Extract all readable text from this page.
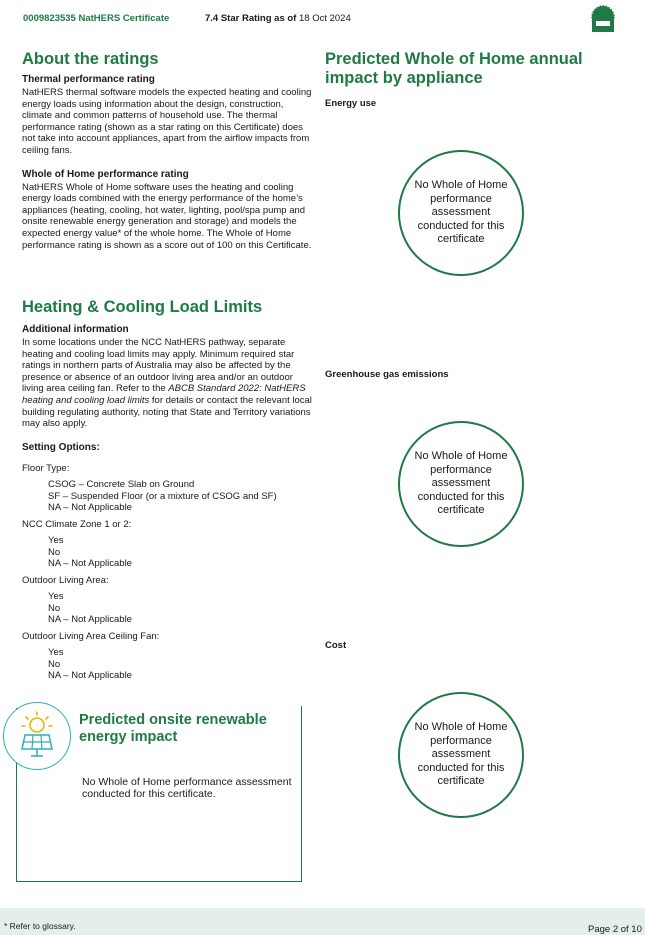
0009823535 NatHERS Certificate	7.4 Star Rating as of 18 Oct 2024
About the ratings
Thermal performance rating

NatHERS thermal software models the expected heating and cooling energy loads using information about the design, construction, climate and common patterns of household use. The thermal performance rating (shown as a star rating on this Certificate) does not take into account appliances, apart from the airflow impacts from ceiling fans.

Whole of Home performance rating

NatHERS Whole of Home software uses the heating and cooling energy loads combined with the energy performance of the home’s appliances (heating, cooling, hot water, lighting, pool/spa pump and onsite renewable energy generation and storage) and models the expected energy value* of the whole home. The Whole of Home performance rating is shown as a score out of 100 on this Certificate.

Heating & Cooling Load Limits
Additional information

In some locations under the NCC NatHERS pathway, separate heating and cooling load limits may apply. Minimum required star ratings in northern parts of Australia may also be affected by the presence or absence of an outdoor living area and/or an outdoor living area ceiling fan. Refer to the ABCB Standard 2022: NatHERS heating and cooling load limits for details or contact the relevant local building regulating authority, noting that State and Territory variations may also apply.

Setting Options:
Floor Type:
CSOG – Concrete Slab on Ground
SF – Suspended Floor (or a mixture of CSOG and SF)
NA – Not Applicable
NCC Climate Zone 1 or 2:
Yes
No
NA – Not Applicable
Outdoor Living Area:
Yes
No
NA – Not Applicable
Outdoor Living Area Ceiling Fan:
Yes
No
NA – Not Applicable
Predicted Whole of Home annual impact by appliance
Energy use
No Whole of Home performance assessment conducted for this certificate
Greenhouse gas emissions
No Whole of Home performance assessment conducted for this certificate
Cost
No Whole of Home performance assessment conducted for this certificate
Predicted onsite renewable energy impact
No Whole of Home performance assessment conducted for this certificate.
* Refer to glossary.	Page 2 of 10
